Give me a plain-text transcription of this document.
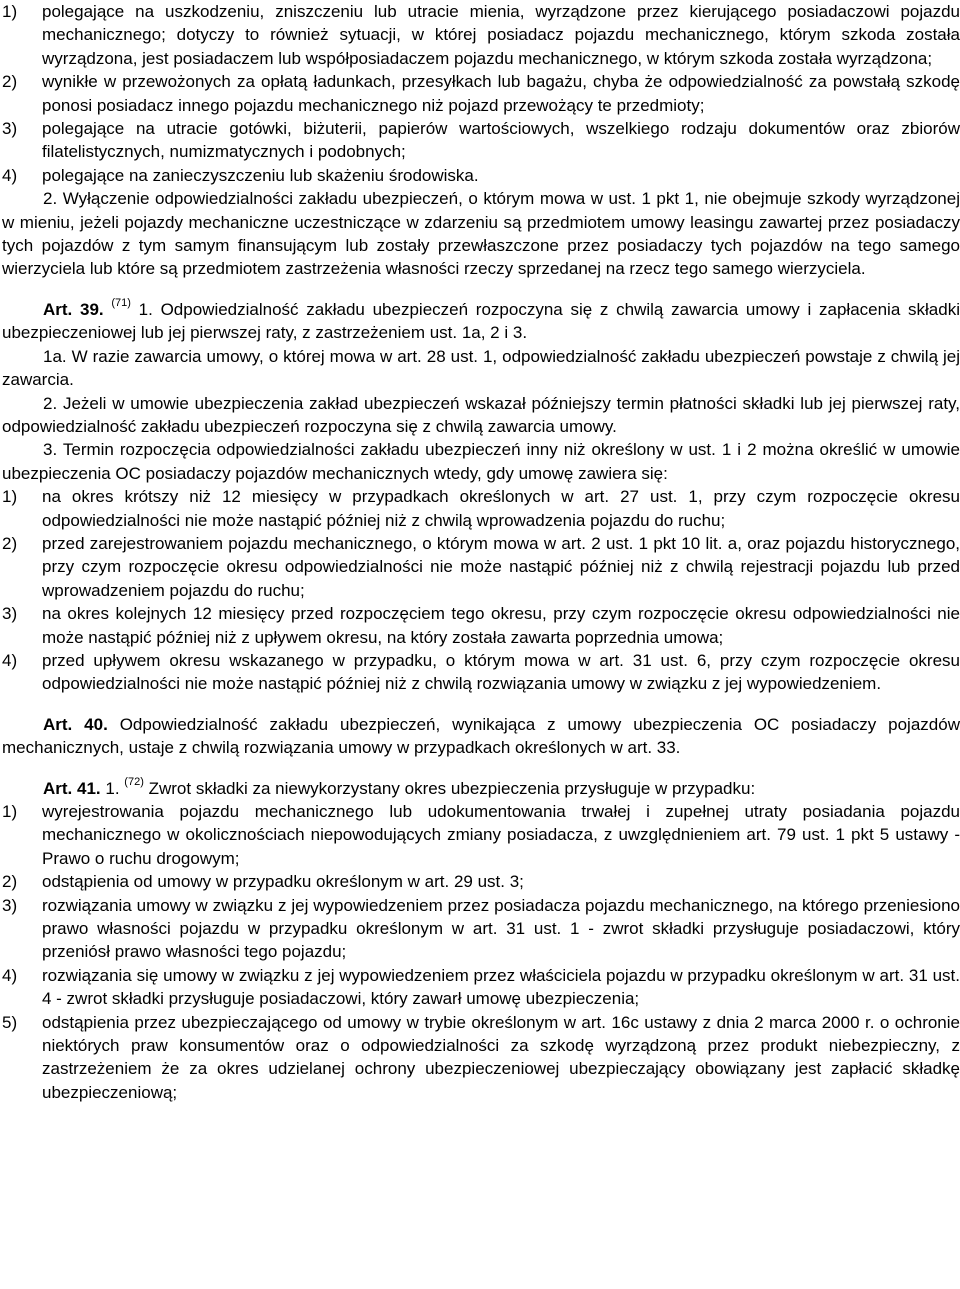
1)	polegające na uszkodzeniu, zniszczeniu lub utracie mienia, wyrządzone przez kierującego posiadaczowi pojazdu mechanicznego; dotyczy to również sytuacji, w której posiadacz pojazdu mechanicznego, którym szkoda została wyrządzona, jest posiadaczem lub współposiadaczem pojazdu mechanicznego, w którym szkoda została wyrządzona;
2)	wynikłe w przewożonych za opłatą ładunkach, przesyłkach lub bagażu, chyba że odpowiedzialność za powstałą szkodę ponosi posiadacz innego pojazdu mechanicznego niż pojazd przewożący te przedmioty;
3)	polegające na utracie gotówki, biżuterii, papierów wartościowych, wszelkiego rodzaju dokumentów oraz zbiorów filatelistycznych, numizmatycznych i podobnych;
4)	polegające na zanieczyszczeniu lub skażeniu środowiska.

2. Wyłączenie odpowiedzialności zakładu ubezpieczeń, o którym mowa w ust. 1 pkt 1, nie obejmuje szkody wyrządzonej w mieniu, jeżeli pojazdy mechaniczne uczestniczące w zdarzeniu są przedmiotem umowy leasingu zawartej przez posiadaczy tych pojazdów z tym samym finansującym lub zostały przewłaszczone przez posiadaczy tych pojazdów na tego samego wierzyciela lub które są przedmiotem zastrzeżenia własności rzeczy sprzedanej na rzecz tego samego wierzyciela.

Art. 39. $^{(71)}$ 1. Odpowiedzialność zakładu ubezpieczeń rozpoczyna się z chwilą zawarcia umowy i zapłacenia składki ubezpieczeniowej lub jej pierwszej raty, z zastrzeżeniem ust. 1a, 2 i 3.

1a. W razie zawarcia umowy, o której mowa w art. 28 ust. 1, odpowiedzialność zakładu ubezpieczeń powstaje z chwilą jej zawarcia.

2. Jeżeli w umowie ubezpieczenia zakład ubezpieczeń wskazał późniejszy termin płatności składki lub jej pierwszej raty, odpowiedzialność zakładu ubezpieczeń rozpoczyna się z chwilą zawarcia umowy.

3. Termin rozpoczęcia odpowiedzialności zakładu ubezpieczeń inny niż określony w ust. 1 i 2 można określić w umowie ubezpieczenia OC posiadaczy pojazdów mechanicznych wtedy, gdy umowę zawiera się:

1)	na okres krótszy niż 12 miesięcy w przypadkach określonych w art. 27 ust. 1, przy czym rozpoczęcie okresu odpowiedzialności nie może nastąpić później niż z chwilą wprowadzenia pojazdu do ruchu;
2)	przed zarejestrowaniem pojazdu mechanicznego, o którym mowa w art. 2 ust. 1 pkt 10 lit. a, oraz pojazdu historycznego, przy czym rozpoczęcie okresu odpowiedzialności nie może nastąpić później niż z chwilą rejestracji pojazdu lub przed wprowadzeniem pojazdu do ruchu;
3)	na okres kolejnych 12 miesięcy przed rozpoczęciem tego okresu, przy czym rozpoczęcie okresu odpowiedzialności nie może nastąpić później niż z upływem okresu, na który została zawarta poprzednia umowa;
4)	przed upływem okresu wskazanego w przypadku, o którym mowa w art. 31 ust. 6, przy czym rozpoczęcie okresu odpowiedzialności nie może nastąpić później niż z chwilą rozwiązania umowy w związku z jej wypowiedzeniem.

Art. 40. Odpowiedzialność zakładu ubezpieczeń, wynikająca z umowy ubezpieczenia OC posiadaczy pojazdów mechanicznych, ustaje z chwilą rozwiązania umowy w przypadkach określonych w art. 33.

Art. 41. 1. $^{(72)}$ Zwrot składki za niewykorzystany okres ubezpieczenia przysługuje w przypadku:

1)	wyrejestrowania pojazdu mechanicznego lub udokumentowania trwałej i zupełnej utraty posiadania pojazdu mechanicznego w okolicznościach niepowodujących zmiany posiadacza, z uwzględnieniem art. 79 ust. 1 pkt 5 ustawy - Prawo o ruchu drogowym;
2)	odstąpienia od umowy w przypadku określonym w art. 29 ust. 3;
3)	rozwiązania umowy w związku z jej wypowiedzeniem przez posiadacza pojazdu mechanicznego, na którego przeniesiono prawo własności pojazdu w przypadku określonym w art. 31 ust. 1 - zwrot składki przysługuje posiadaczowi, który przeniósł prawo własności tego pojazdu;
4)	rozwiązania się umowy w związku z jej wypowiedzeniem przez właściciela pojazdu w przypadku określonym w art. 31 ust. 4 - zwrot składki przysługuje posiadaczowi, który zawarł umowę ubezpieczenia;
5)	odstąpienia przez ubezpieczającego od umowy w trybie określonym w art. 16c ustawy z dnia 2 marca 2000 r. o ochronie niektórych praw konsumentów oraz o odpowiedzialności za szkodę wyrządzoną przez produkt niebezpieczny, z zastrzeżeniem że za okres udzielanej ochrony ubezpieczeniowej ubezpieczający obowiązany jest zapłacić składkę ubezpieczeniową;
